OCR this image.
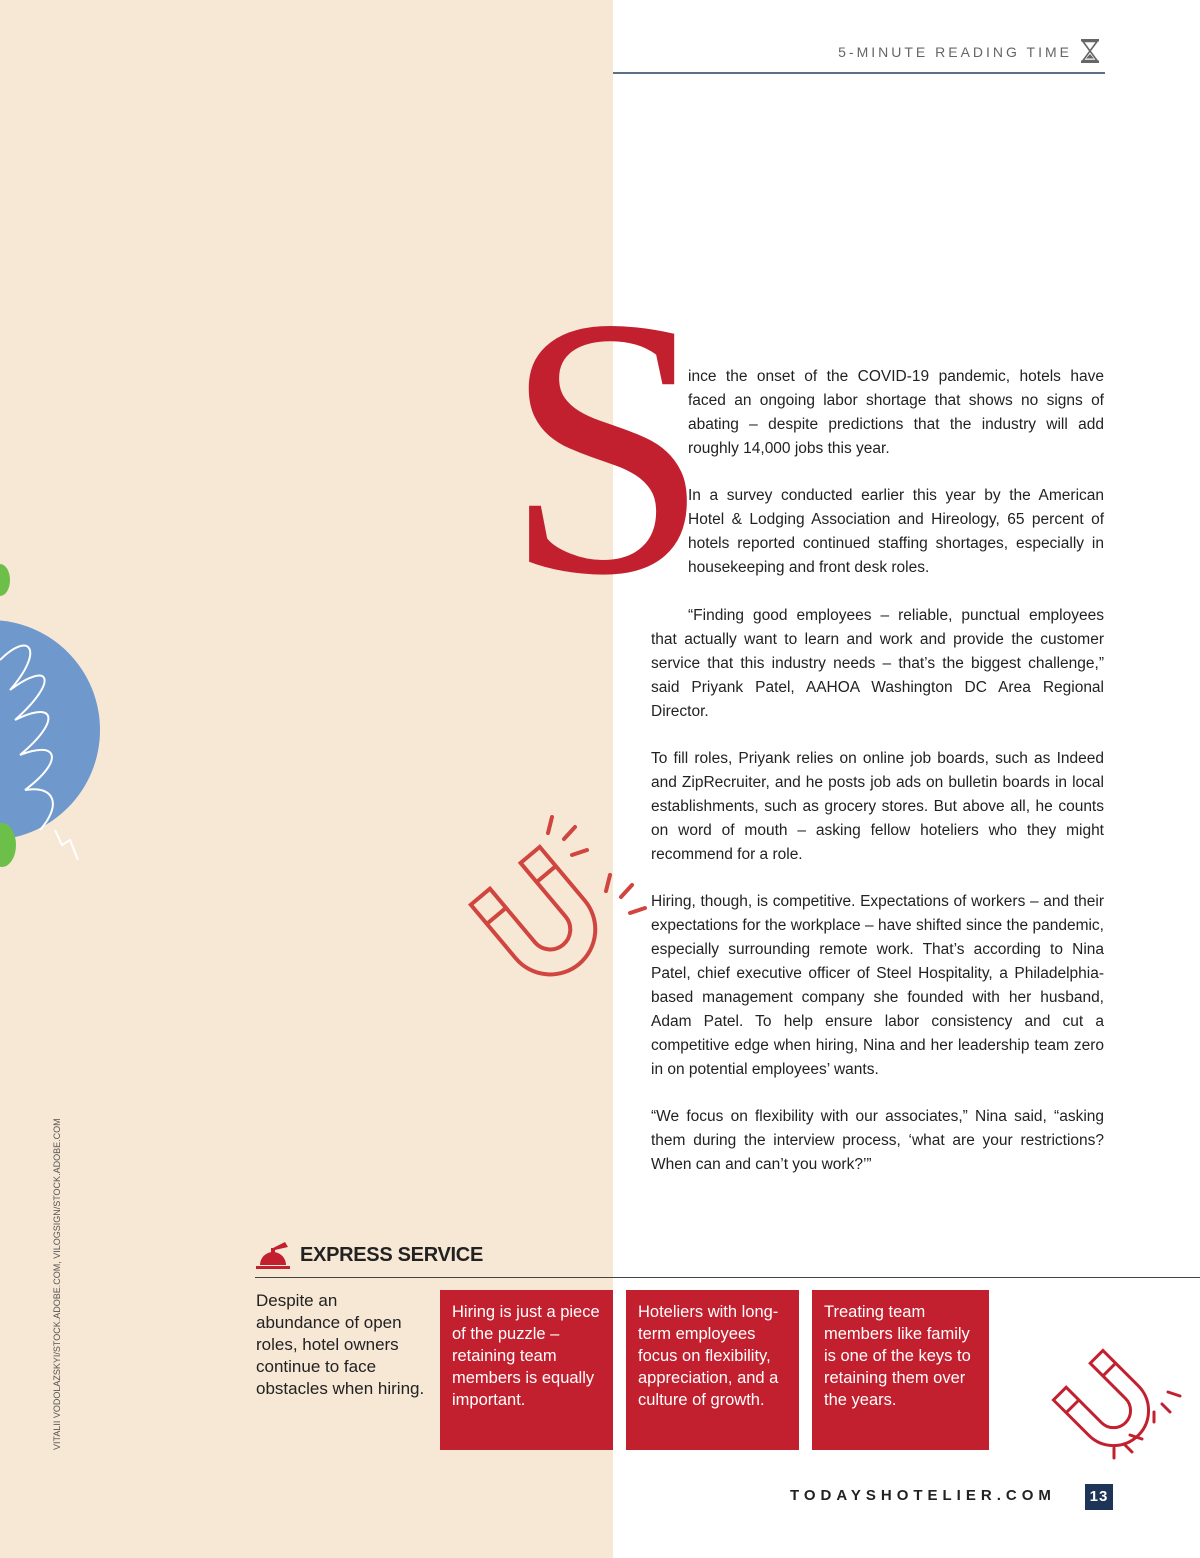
5-MINUTE READING TIME
S

ince the onset of the COVID-19 pandemic, hotels have faced an ongoing labor shortage that shows no signs of abating – despite predictions that the industry will add roughly 14,000 jobs this year.

In a survey conducted earlier this year by the American Hotel & Lodging Association and Hireology, 65 percent of hotels reported continued staffing shortages, especially in housekeeping and front desk roles.

“Finding good employees – reliable, punctual employees that actually want to learn and work and provide the customer service that this industry needs – that’s the biggest challenge,” said Priyank Patel, AAHOA Washington DC Area Regional Director.

To fill roles, Priyank relies on online job boards, such as Indeed and ZipRecruiter, and he posts job ads on bulletin boards in local establishments, such as grocery stores. But above all, he counts on word of mouth – asking fellow hoteliers who they might recommend for a role.

Hiring, though, is competitive. Expectations of workers – and their expectations for the workplace – have shifted since the pandemic, especially surrounding remote work. That’s according to Nina Patel, chief executive officer of Steel Hospitality, a Philadelphia-based management company she founded with her husband, Adam Patel. To help ensure labor consistency and cut a competitive edge when hiring, Nina and her leadership team zero in on potential employees’ wants.

“We focus on flexibility with our associates,” Nina said, “asking them during the interview process, ‘what are your restrictions? When can and can’t you work?’”

VITALII VODOLAZSKYI/STOCK.ADOBE.COM, VILOGSIGN/STOCK.ADOBE.COM	EXPRESS SERVICE
Despite an abundance of open roles, hotel owners continue to face obstacles when hiring.
Hiring is just a piece of the puzzle – retaining team members is equally important.
Hoteliers with long-term employees focus on flexibility, appreciation, and a culture of growth.
Treating team members like family is one of the keys to retaining them over the years.
TODAYSHOTELIER.COM	13
